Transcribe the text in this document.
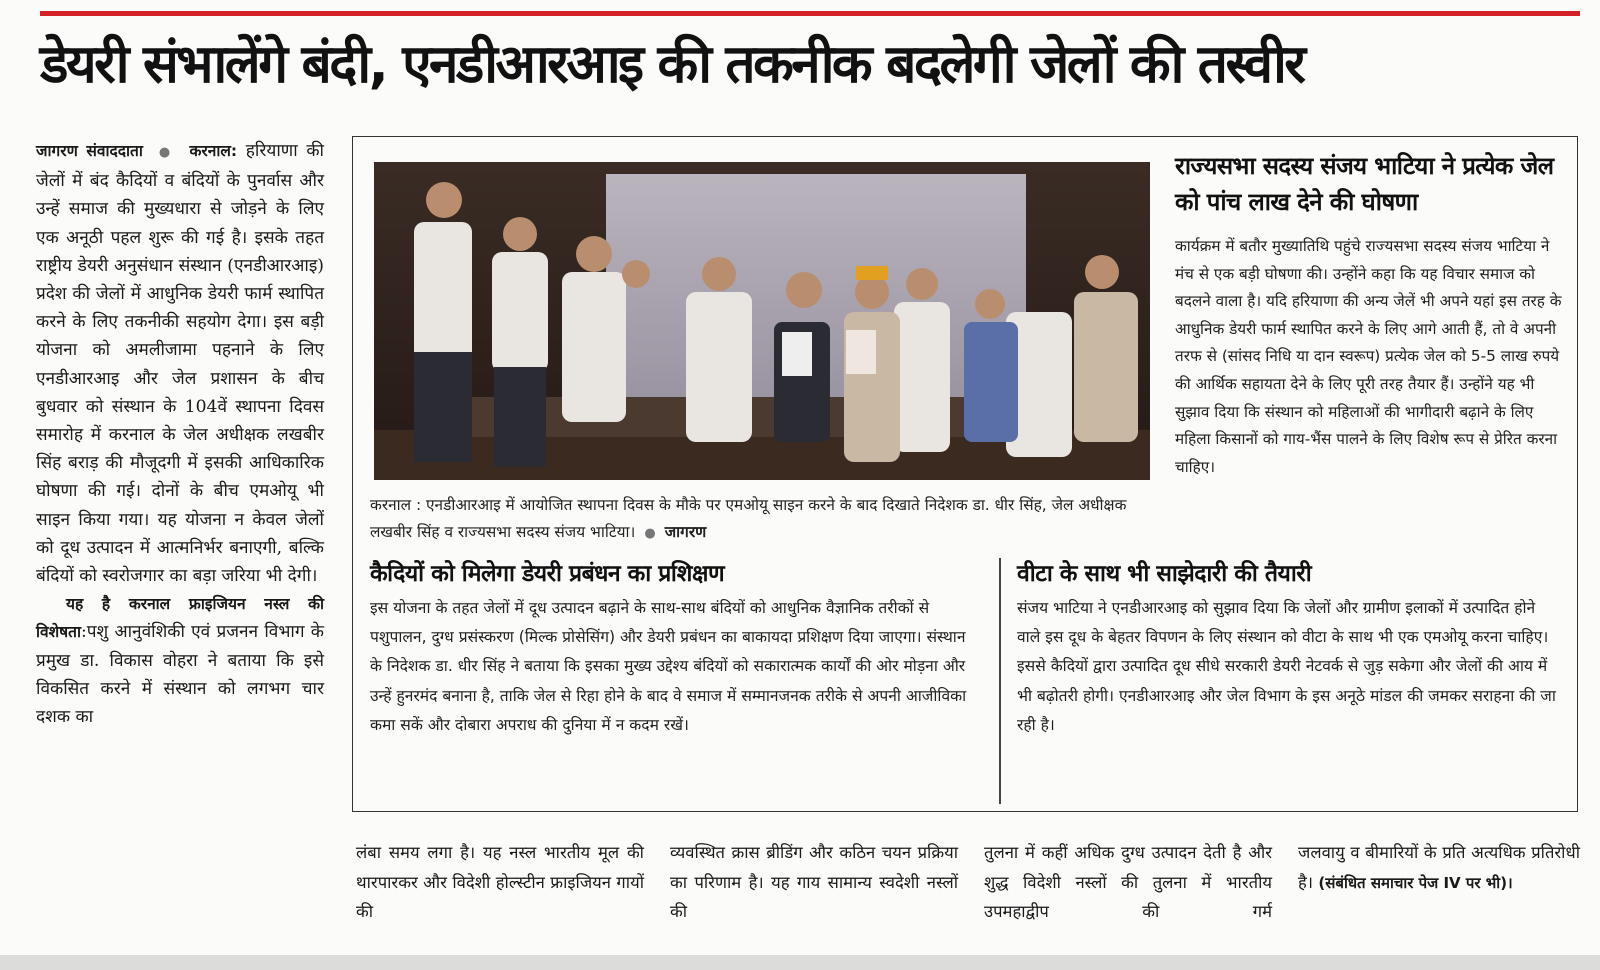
डेयरी संभालेंगे बंदी, एनडीआरआइ की तकनीक बदलेगी जेलों की तस्वीर

जागरण संवाददाता  ●  करनाल: हरियाणा की जेलों में बंद कैदियों व बंदियों के पुनर्वास और उन्हें समाज की मुख्यधारा से जोड़ने के लिए एक अनूठी पहल शुरू की गई है। इसके तहत राष्ट्रीय डेयरी अनुसंधान संस्थान (एनडीआरआइ) प्रदेश की जेलों में आधुनिक डेयरी फार्म स्थापित करने के लिए तकनीकी सहयोग देगा। इस बड़ी योजना को अमलीजामा पहनाने के लिए एनडीआरआइ और जेल प्रशासन के बीच बुधवार को संस्थान के 104वें स्थापना दिवस समारोह में करनाल के जेल अधीक्षक लखबीर सिंह बराड़ की मौजूदगी में इसकी आधिकारिक घोषणा की गई। दोनों के बीच एमओयू भी साइन किया गया। यह योजना न केवल जेलों को दूध उत्पादन में आत्मनिर्भर बनाएगी, बल्कि बंदियों को स्वरोजगार का बड़ा जरिया भी देगी।

यह है करनाल फ्राइजियन नस्ल की विशेषता:पशु आनुवंशिकी एवं प्रजनन विभाग के प्रमुख डा. विकास वोहरा ने बताया कि इसे विकसित करने में संस्थान को लगभग चार दशक का

करनाल : एनडीआरआइ में आयोजित स्थापना दिवस के मौके पर एमओयू साइन करने के बाद दिखाते निदेशक डा. धीर सिंह, जेल अधीक्षक लखबीर सिंह व राज्यसभा सदस्य संजय भाटिया।  ●  जागरण
राज्यसभा सदस्य संजय भाटिया ने प्रत्येक जेल को पांच लाख देने की घोषणा

कार्यक्रम में बतौर मुख्यातिथि पहुंचे राज्यसभा सदस्य संजय भाटिया ने मंच से एक बड़ी घोषणा की। उन्होंने कहा कि यह विचार समाज को बदलने वाला है। यदि हरियाणा की अन्य जेलें भी अपने यहां इस तरह के आधुनिक डेयरी फार्म स्थापित करने के लिए आगे आती हैं, तो वे अपनी तरफ से (सांसद निधि या दान स्वरूप) प्रत्येक जेल को 5-5 लाख रुपये की आर्थिक सहायता देने के लिए पूरी तरह तैयार हैं। उन्होंने यह भी सुझाव दिया कि संस्थान को महिलाओं की भागीदारी बढ़ाने के लिए महिला किसानों को गाय-भैंस पालने के लिए विशेष रूप से प्रेरित करना चाहिए।

कैदियों को मिलेगा डेयरी प्रबंधन का प्रशिक्षण

इस योजना के तहत जेलों में दूध उत्पादन बढ़ाने के साथ-साथ बंदियों को आधुनिक वैज्ञानिक तरीकों से पशुपालन, दुग्ध प्रसंस्करण (मिल्क प्रोसेसिंग) और डेयरी प्रबंधन का बाकायदा प्रशिक्षण दिया जाएगा। संस्थान के निदेशक डा. धीर सिंह ने बताया कि इसका मुख्य उद्देश्य बंदियों को सकारात्मक कार्यों की ओर मोड़ना और उन्हें हुनरमंद बनाना है, ताकि जेल से रिहा होने के बाद वे समाज में सम्मानजनक तरीके से अपनी आजीविका कमा सकें और दोबारा अपराध की दुनिया में न कदम रखें।

वीटा के साथ भी साझेदारी की तैयारी

संजय भाटिया ने एनडीआरआइ को सुझाव दिया कि जेलों और ग्रामीण इलाकों में उत्पादित होने वाले इस दूध के बेहतर विपणन के लिए संस्थान को वीटा के साथ भी एक एमओयू करना चाहिए। इससे कैदियों द्वारा उत्पादित दूध सीधे सरकारी डेयरी नेटवर्क से जुड़ सकेगा और जेलों की आय में भी बढ़ोतरी होगी। एनडीआरआइ और जेल विभाग के इस अनूठे मांडल की जमकर सराहना की जा रही है।

लंबा समय लगा है। यह नस्ल भारतीय मूल की थारपारकर और विदेशी होल्स्टीन फ्राइजियन गायों की

व्यवस्थित क्रास ब्रीडिंग और कठिन चयन प्रक्रिया का परिणाम है। यह गाय सामान्य स्वदेशी नस्लों की

तुलना में कहीं अधिक दुग्ध उत्पादन देती है और शुद्ध विदेशी नस्लों की तुलना में भारतीय उपमहाद्वीप की गर्म

जलवायु व बीमारियों के प्रति अत्यधिक प्रतिरोधी है। (संबंधित समाचार पेज IV पर भी)।
